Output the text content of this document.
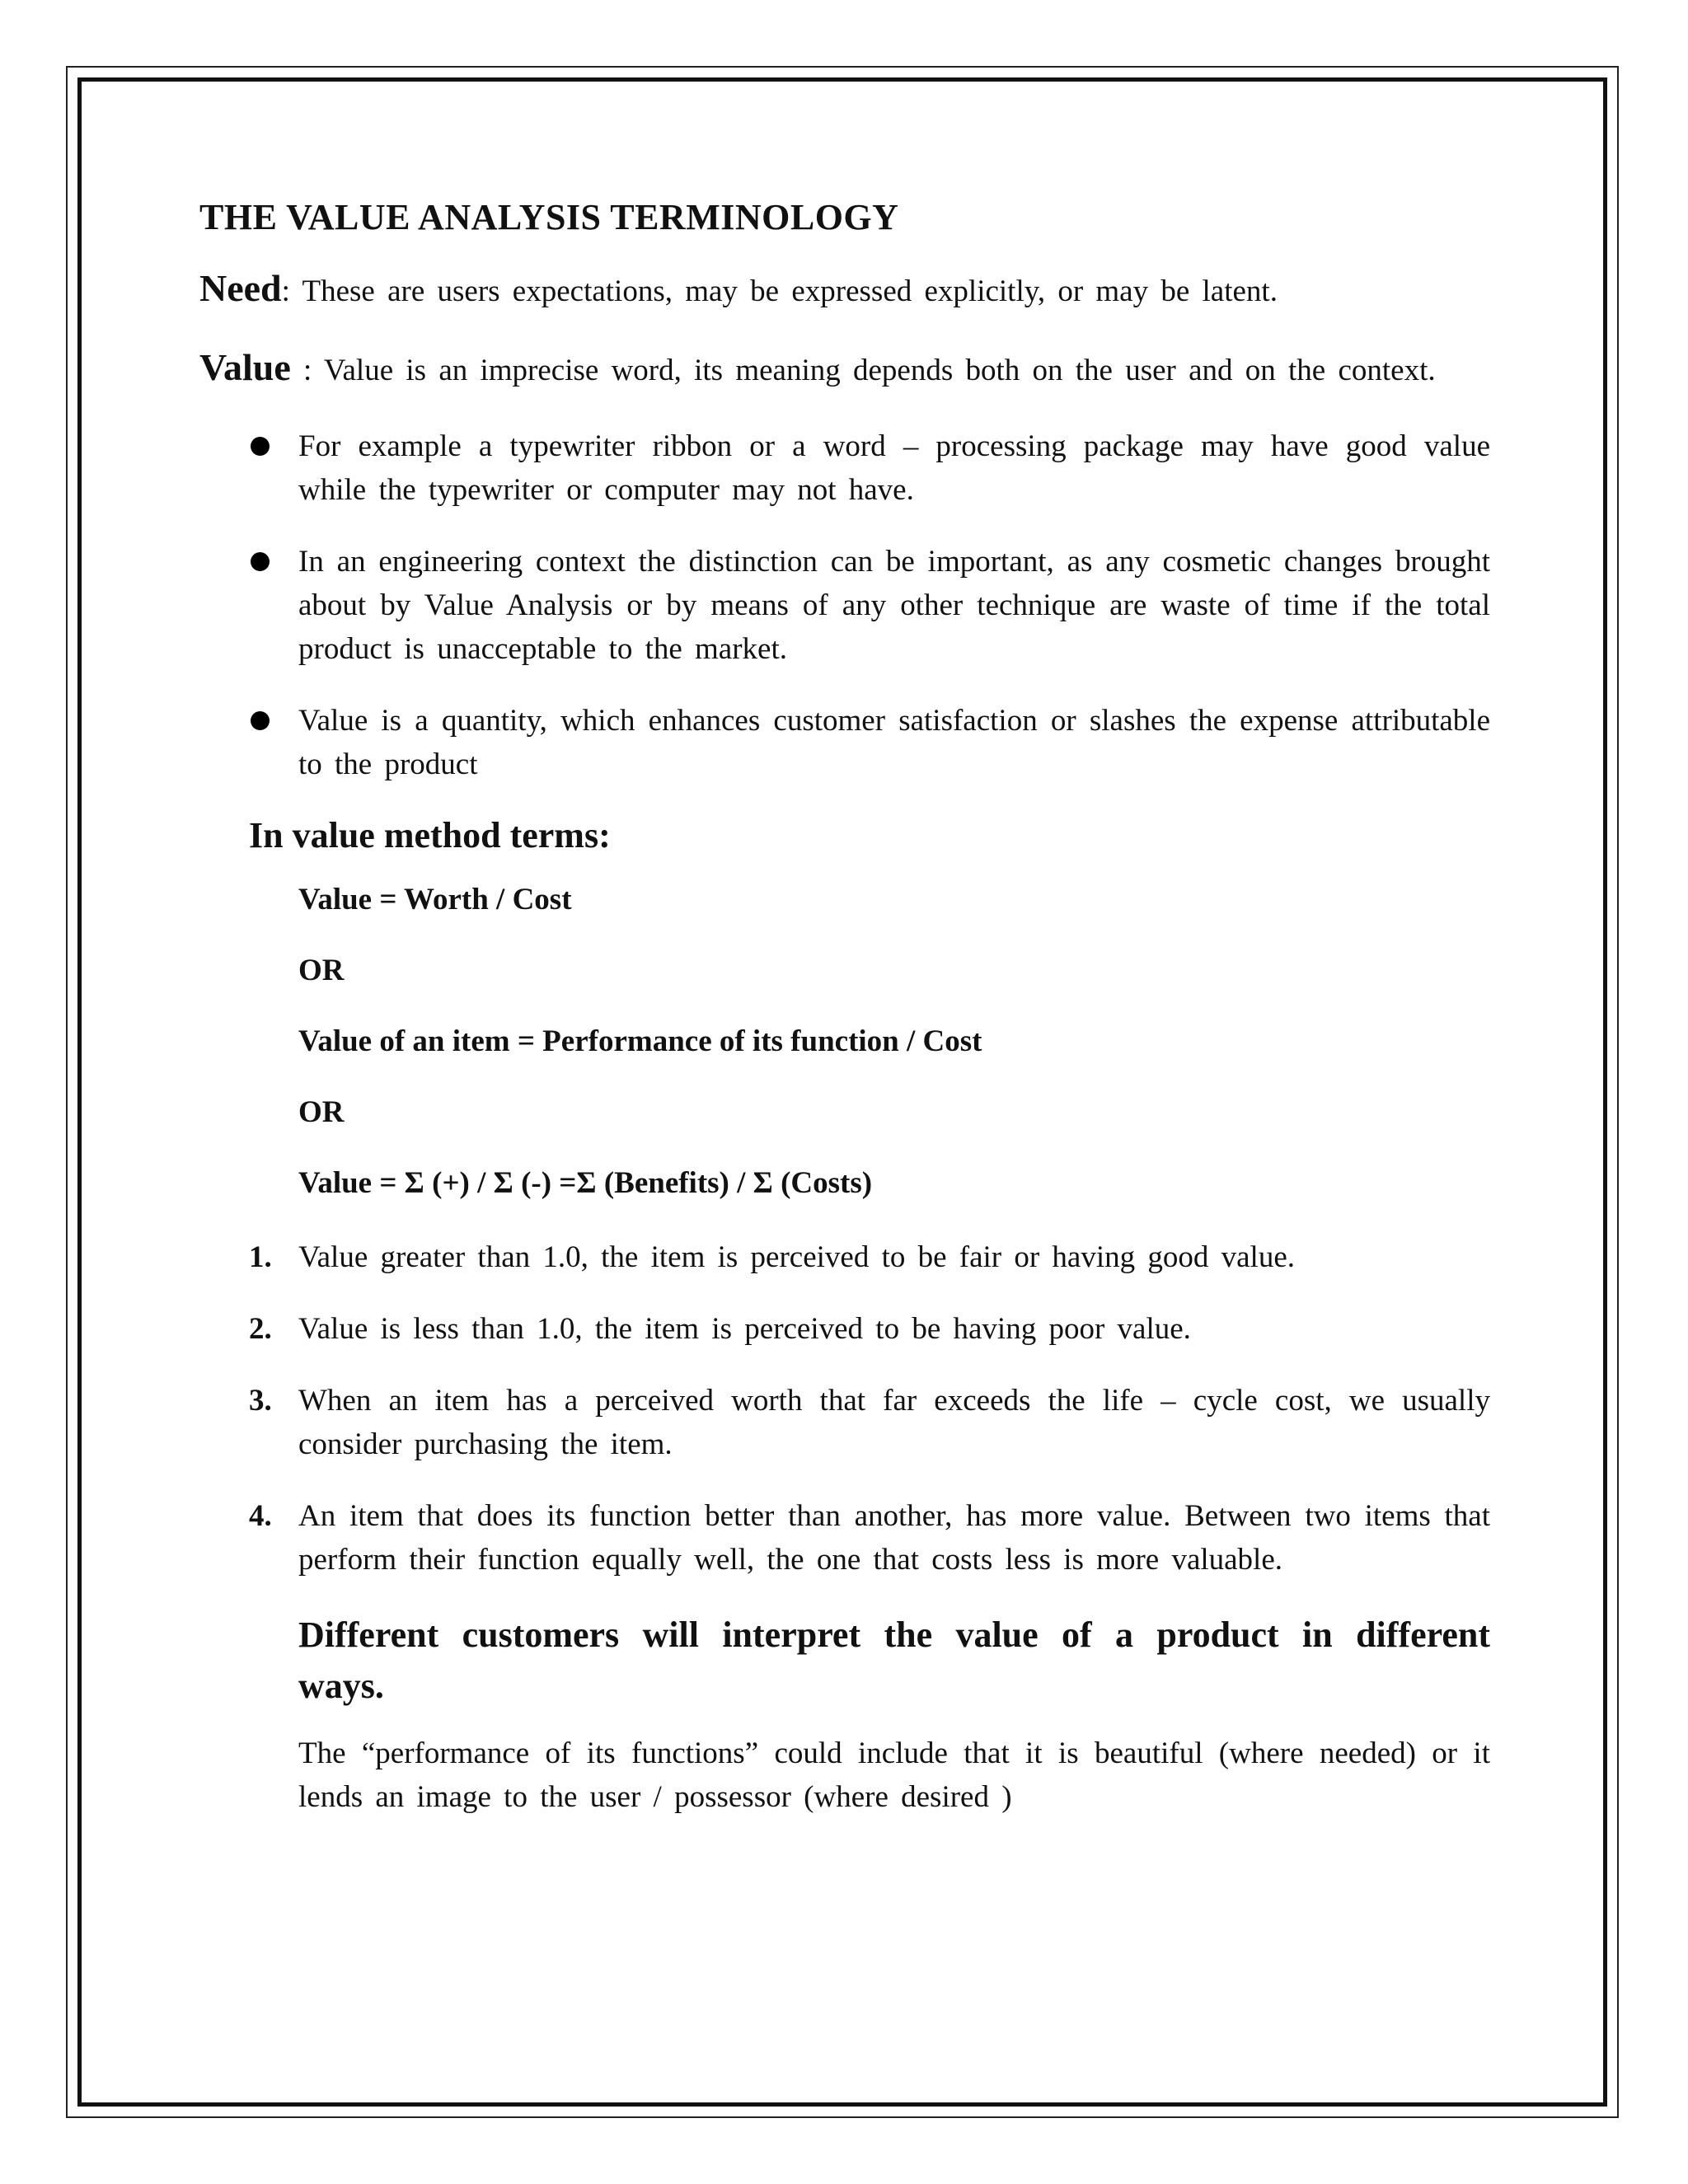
THE VALUE ANALYSIS TERMINOLOGY

Need: These are users expectations, may be expressed explicitly, or may be latent.

Value : Value is an imprecise word, its meaning depends both on the user and on the context.

For example a typewriter ribbon or a word – processing package may have good value while the typewriter or computer may not have.
In an engineering context the distinction can be important, as any cosmetic changes brought about by Value Analysis or by means of any other technique are waste of time if the total product is unacceptable to the market.
Value is a quantity, which enhances customer satisfaction or slashes the expense attributable to the product
In value method terms:
Value = Worth / Cost
OR
Value of an item = Performance of its function / Cost
OR
Value = Σ (+) / Σ (-) =Σ (Benefits) / Σ (Costs)
1. Value greater than 1.0, the item is perceived to be fair or having good value.
2. Value is less than 1.0, the item is perceived to be having poor value.
3. When an item has a perceived worth that far exceeds the life – cycle cost, we usually consider purchasing the item.
4. An item that does its function better than another, has more value. Between two items that perform their function equally well, the one that costs less is more valuable.
Different customers will interpret the value of a product in different ways.
The “performance of its functions” could include that it is beautiful (where needed) or it lends an image to the user / possessor (where desired )
